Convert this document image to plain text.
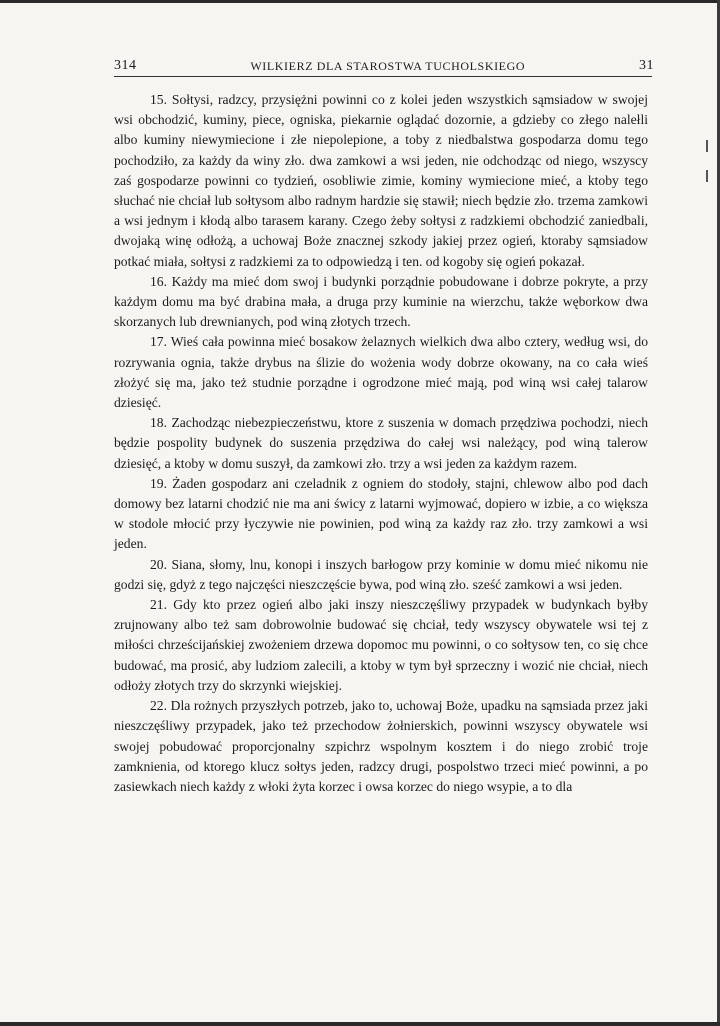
314	WILKIERZ DLA STAROSTWA TUCHOLSKIEGO	31

15. Sołtysi, radzcy, przysiężni powinni co z kolei jeden wszystkich sąmsiadow w swojej wsi obchodzić, kuminy, piece, ogniska, piekarnie oglądać dozornie, a gdzieby co złego nalełli albo kuminy niewymiecione i złe niepolepione, a toby z niedbalstwa gospodarza domu tego pochodziło, za każdy da winy zło. dwa zamkowi a wsi jeden, nie odchodząc od niego, wszyscy zaś gospodarze powinni co tydzień, osobliwie zimie, kominy wymiecione mieć, a ktoby tego słuchać nie chciał lub sołtysom albo radnym hardzie się stawił; niech będzie zło. trzema zamkowi a wsi jednym i kłodą albo tarasem karany. Czego żeby sołtysi z radzkiemi obchodzić zaniedbali, dwojaką winę odłożą, a uchowaj Boże znacznej szkody jakiej przez ogień, ktoraby sąmsiadow potkać miała, sołtysi z radzkiemi za to odpowiedzą i ten. od kogoby się ogień pokazał.

16. Każdy ma mieć dom swoj i budynki porządnie pobudowane i dobrze pokryte, a przy każdym domu ma być drabina mała, a druga przy kuminie na wierzchu, także węborkow dwa skorzanych lub drewnianych, pod winą złotych trzech.

17. Wieś cała powinna mieć bosakow żelaznych wielkich dwa albo cztery, według wsi, do rozrywania ognia, także drybus na ślizie do wożenia wody dobrze okowany, na co cała wieś złożyć się ma, jako też studnie porządne i ogrodzone mieć mają, pod winą wsi całej talarow dziesięć.

18. Zachodząc niebezpieczeństwu, ktore z suszenia w domach przędziwa pochodzi, niech będzie pospolity budynek do suszenia przędziwa do całej wsi należący, pod winą talerow dziesięć, a ktoby w domu suszył, da zamkowi zło. trzy a wsi jeden za każdym razem.

19. Żaden gospodarz ani czeladnik z ogniem do stodoły, stajni, chlewow albo pod dach domowy bez latarni chodzić nie ma ani świcy z latarni wyjmować, dopiero w izbie, a co większa w stodole młocić przy łyczywie nie powinien, pod winą za każdy raz zło. trzy zamkowi a wsi jeden.

20. Siana, słomy, lnu, konopi i inszych barłogow przy kominie w domu mieć nikomu nie godzi się, gdyż z tego najczęści nieszczęście bywa, pod winą zło. sześć zamkowi a wsi jeden.

21. Gdy kto przez ogień albo jaki inszy nieszczęśliwy przypadek w budynkach byłby zrujnowany albo też sam dobrowolnie budować się chciał, tedy wszyscy obywatele wsi tej z miłości chrześcijańskiej zwożeniem drzewa dopomoc mu powinni, o co sołtysow ten, co się chce budować, ma prosić, aby ludziom zalecili, a ktoby w tym był sprzeczny i wozić nie chciał, niech odłoży złotych trzy do skrzynki wiejskiej.

22. Dla rożnych przyszłych potrzeb, jako to, uchowaj Boże, upadku na sąmsiada przez jaki nieszczęśliwy przypadek, jako też przechodow żołnierskich, powinni wszyscy obywatele wsi swojej pobudować proporcjonalny szpichrz wspolnym kosztem i do niego zrobić troje zamknienia, od ktorego klucz sołtys jeden, radzcy drugi, pospolstwo trzeci mieć powinni, a po zasiewkach niech każdy z włoki żyta korzec i owsa korzec do niego wsypie, a to dla
